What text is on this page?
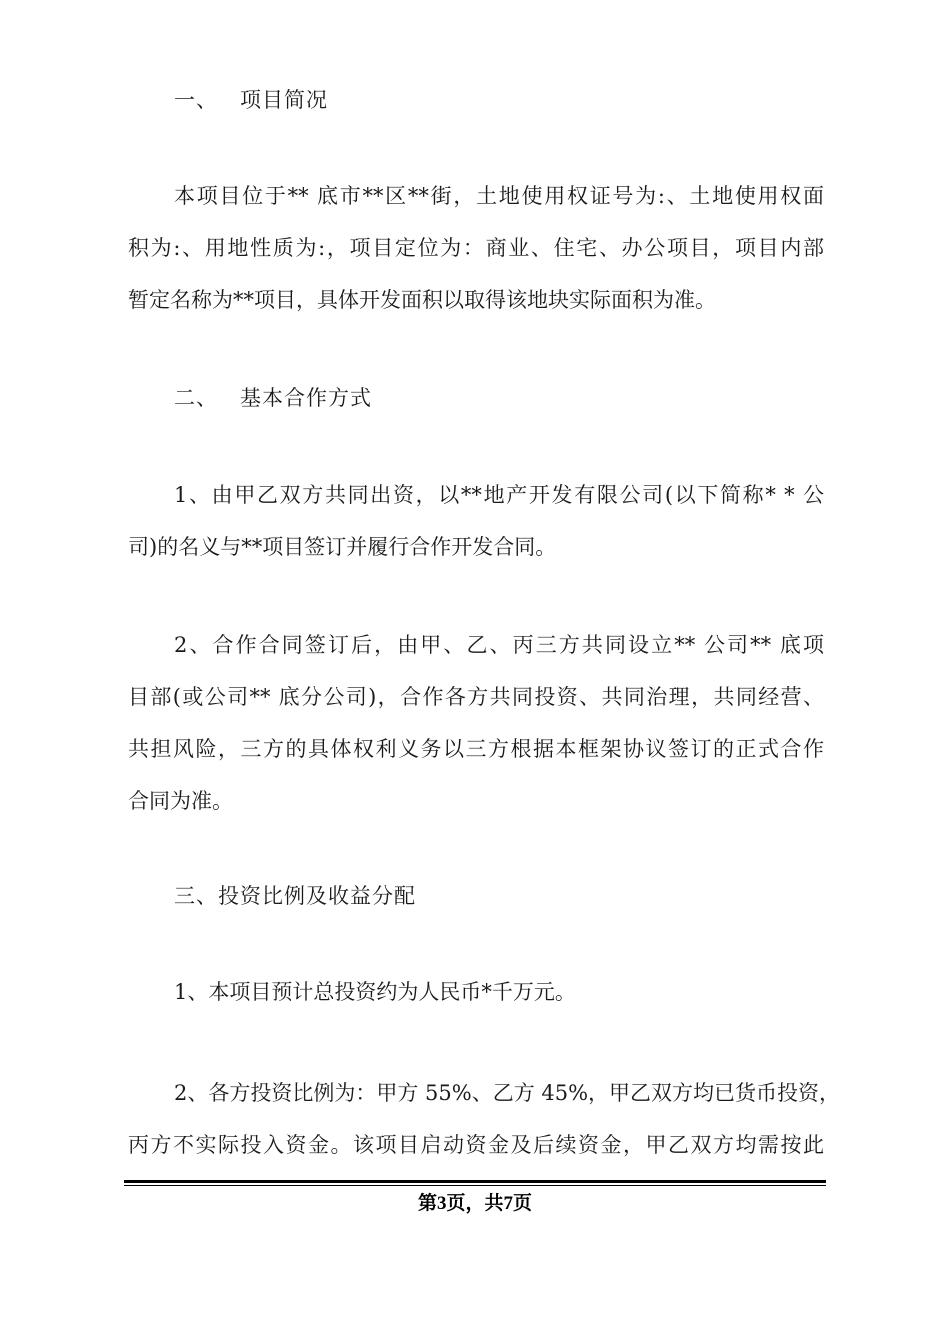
一、 项目简况
本项目位于** 底市**区**街，土地使用权证号为:、土地使用权面
积为:、用地性质为:，项目定位为：商业、住宅、办公项目，项目内部
暂定名称为**项目，具体开发面积以取得该地块实际面积为准。
二、 基本合作方式
1、由甲乙双方共同出资，以**地产开发有限公司(以下简称* * 公
司)的名义与**项目签订并履行合作开发合同。
2、合作合同签订后，由甲、乙、丙三方共同设立** 公司** 底项
目部(或公司** 底分公司)，合作各方共同投资、共同治理，共同经营、
共担风险，三方的具体权利义务以三方根据本框架协议签订的正式合作
合同为准。
三、投资比例及收益分配
1、本项目预计总投资约为人民币*千万元。
2、各方投资比例为：甲方 55%、乙方 45%，甲乙双方均已货币投资，
丙方不实际投入资金。该项目启动资金及后续资金，甲乙双方均需按此
第3页，共7页
